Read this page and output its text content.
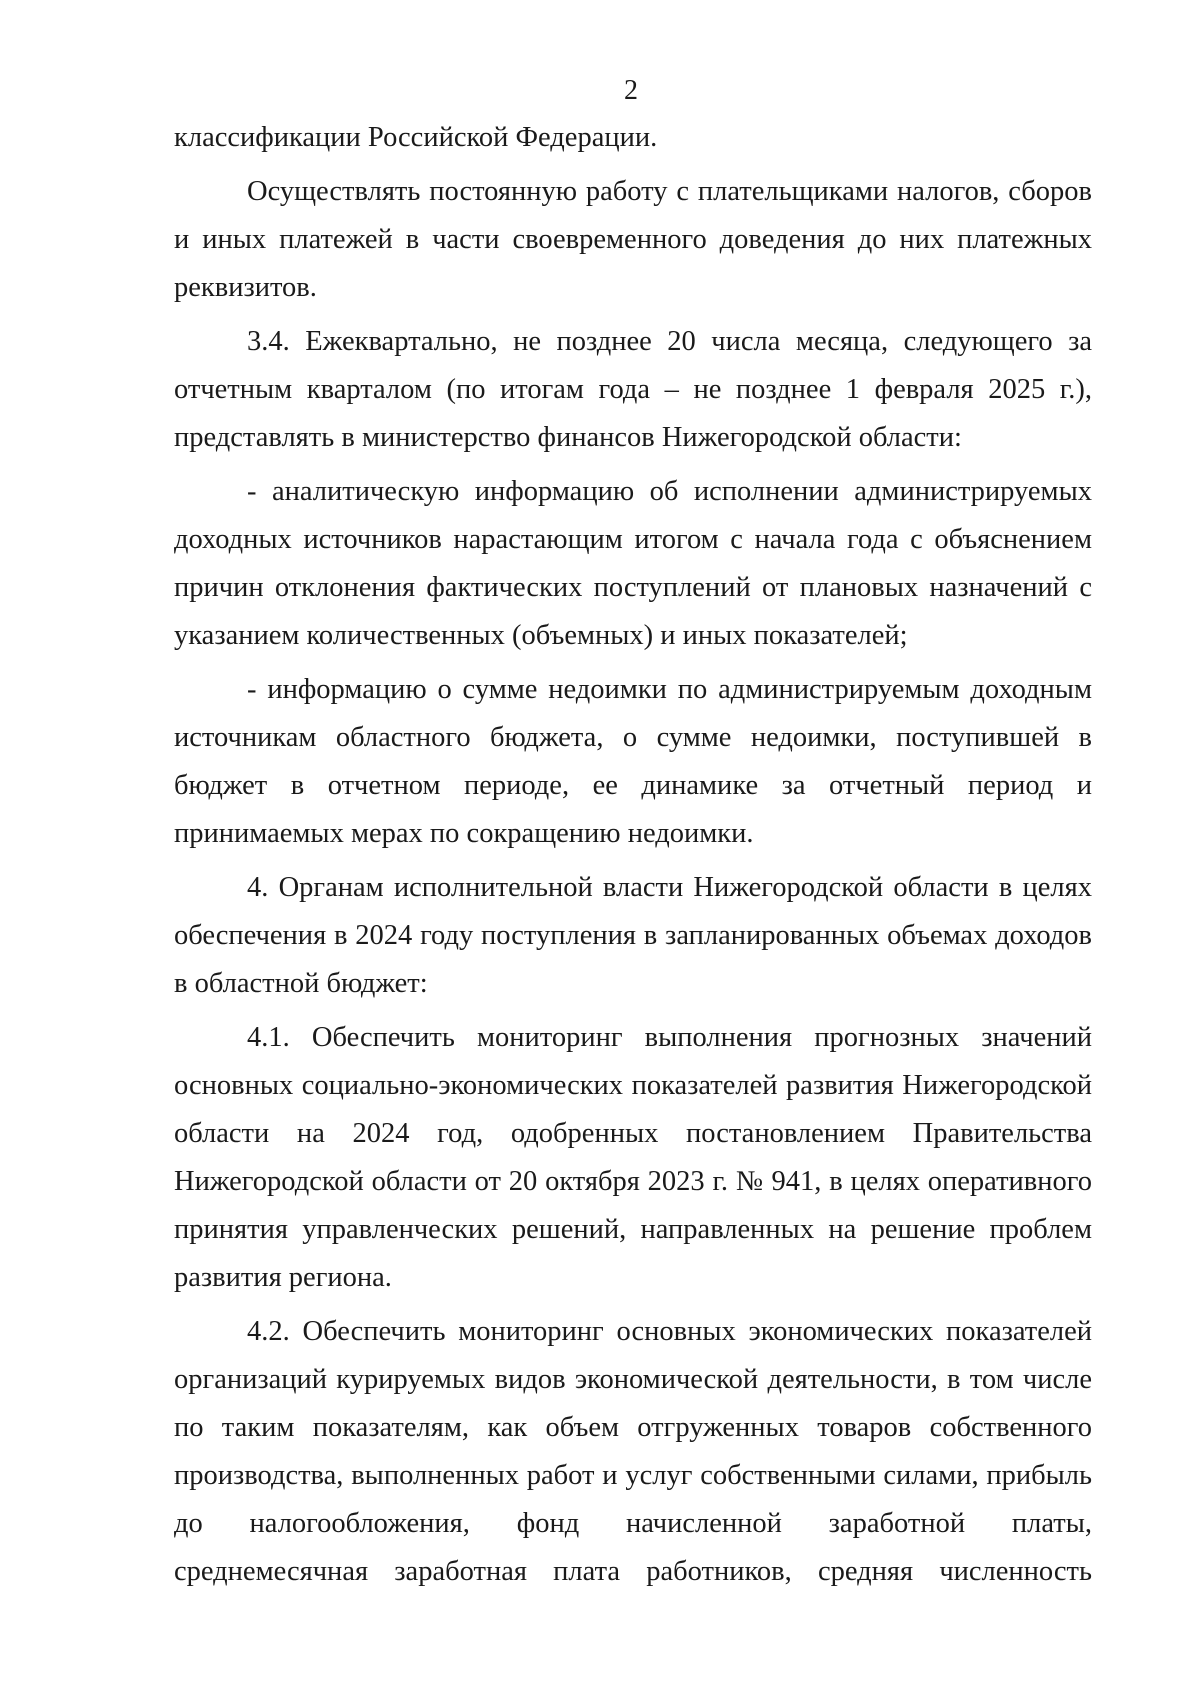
2

классификации Российской Федерации.

Осуществлять постоянную работу с плательщиками налогов, сборов и иных платежей в части своевременного доведения до них платежных реквизитов.

3.4. Ежеквартально, не позднее 20 числа месяца, следующего за отчетным кварталом (по итогам года – не позднее 1 февраля 2025 г.), представлять в министерство финансов Нижегородской области:

- аналитическую информацию об исполнении администрируемых доходных источников нарастающим итогом с начала года с объяснением причин отклонения фактических поступлений от плановых назначений с указанием количественных (объемных) и иных показателей;

- информацию о сумме недоимки по администрируемым доходным источникам областного бюджета, о сумме недоимки, поступившей в бюджет в отчетном периоде, ее динамике за отчетный период и принимаемых мерах по сокращению недоимки.

4. Органам исполнительной власти Нижегородской области в целях обеспечения в 2024 году поступления в запланированных объемах доходов в областной бюджет:

4.1. Обеспечить мониторинг выполнения прогнозных значений основных социально-экономических показателей развития Нижегородской области на 2024 год, одобренных постановлением Правительства Нижегородской области от 20 октября 2023 г. № 941, в целях оперативного принятия управленческих решений, направленных на решение проблем развития региона.

4.2. Обеспечить мониторинг основных экономических показателей организаций курируемых видов экономической деятельности, в том числе по таким показателям, как объем отгруженных товаров собственного производства, выполненных работ и услуг собственными силами, прибыль до налогообложения, фонд начисленной заработной платы, среднемесячная заработная плата работников, средняя численность
